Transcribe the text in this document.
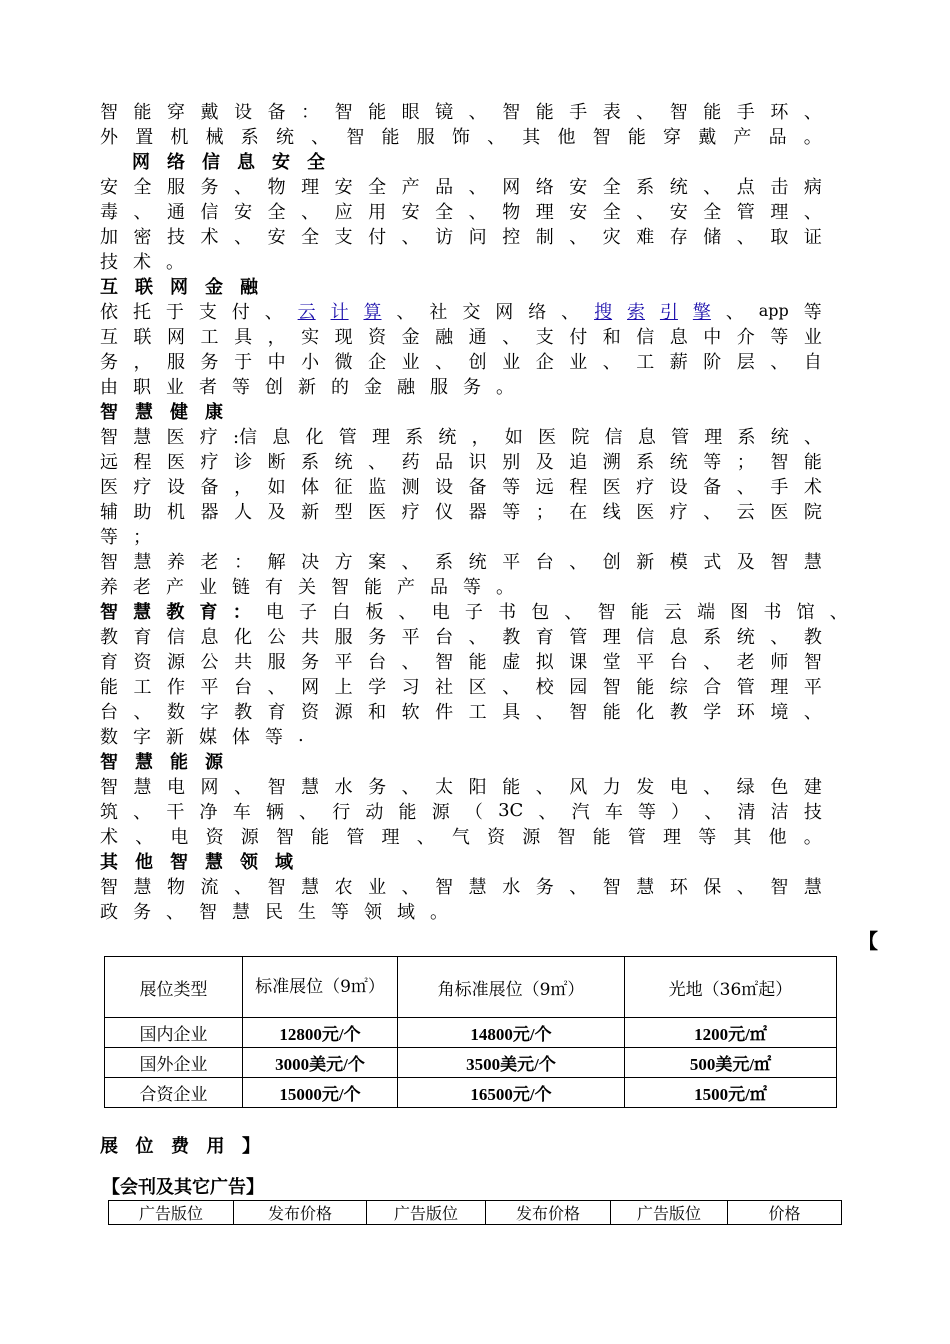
智 能 穿 戴 设 备 ： 智 能 眼 镜 、 智 能 手 表 、 智 能 手 环 、
外 置 机 械 系 统 、 智 能 服 饰 、 其 他 智 能 穿 戴 产 品 。
网 络 信 息 安 全
安 全 服 务 、 物 理 安 全 产 品 、 网 络 安 全 系 统 、 点 击 病
毒 、 通 信 安 全 、 应 用 安 全 、 物 理 安 全 、 安 全 管 理 、
加 密 技 术 、 安 全 支 付 、 访 问 控 制 、 灾 难 存 储 、 取 证
技 术 。
互 联 网 金 融
依 托 于 支 付 、 云 计 算 、 社 交 网 络 、 搜 索 引 擎 、 app 等
互 联 网 工 具 ， 实 现 资 金 融 通 、 支 付 和 信 息 中 介 等 业
务 ， 服 务 于 中 小 微 企 业 、 创 业 企 业 、 工 薪 阶 层 、 自
由 职 业 者 等 创 新 的 金 融 服 务 。
智 慧 健 康
智 慧 医 疗 :信 息 化 管 理 系 统 ， 如 医 院 信 息 管 理 系 统 、
远 程 医 疗 诊 断 系 统 、 药 品 识 别 及 追 溯 系 统 等 ； 智 能
医 疗 设 备 ， 如 体 征 监 测 设 备 等 远 程 医 疗 设 备 、 手 术
辅 助 机 器 人 及 新 型 医 疗 仪 器 等 ； 在 线 医 疗 、 云 医 院
等 ；
智 慧 养 老 ： 解 决 方 案 、 系 统 平 台 、 创 新 模 式 及 智 慧
养 老 产 业 链 有 关 智 能 产 品 等 。
智 慧 教 育 ： 电 子 白 板 、 电 子 书 包 、 智 能 云 端 图 书 馆 、
教 育 信 息 化 公 共 服 务 平 台 、 教 育 管 理 信 息 系 统 、 教
育 资 源 公 共 服 务 平 台 、 智 能 虚 拟 课 堂 平 台 、 老 师 智
能 工 作 平 台 、 网 上 学 习 社 区 、 校 园 智 能 综 合 管 理 平
台 、 数 字 教 育 资 源 和 软 件 工 具 、 智 能 化 教 学 环 境 、
数 字 新 媒 体 等 .
智 慧 能 源
智 慧 电 网 、 智 慧 水 务 、 太 阳 能 、 风 力 发 电 、 绿 色 建
筑 、 干 净 车 辆 、 行 动 能 源 （ 3C 、 汽 车 等 ） 、 清 洁 技
术 、 电 资 源 智 能 管 理 、 气 资 源 智 能 管 理 等 其 他 。
其 他 智 慧 领 域
智 慧 物 流 、 智 慧 农 业 、 智 慧 水 务 、 智 慧 环 保 、 智 慧
政 务 、 智 慧 民 生 等 领 域 。
【
展位类型	标准展位（9㎡）	角标准展位（9㎡）	光地（36㎡起）
国内企业	12800元/个	14800元/个	1200元/㎡
国外企业	3000美元/个	3500美元/个	500美元/㎡
合资企业	15000元/个	16500元/个	1500元/㎡
展 位 费 用 】
【会刊及其它广告】
广告版位	发布价格	广告版位	发布价格	广告版位	价格
